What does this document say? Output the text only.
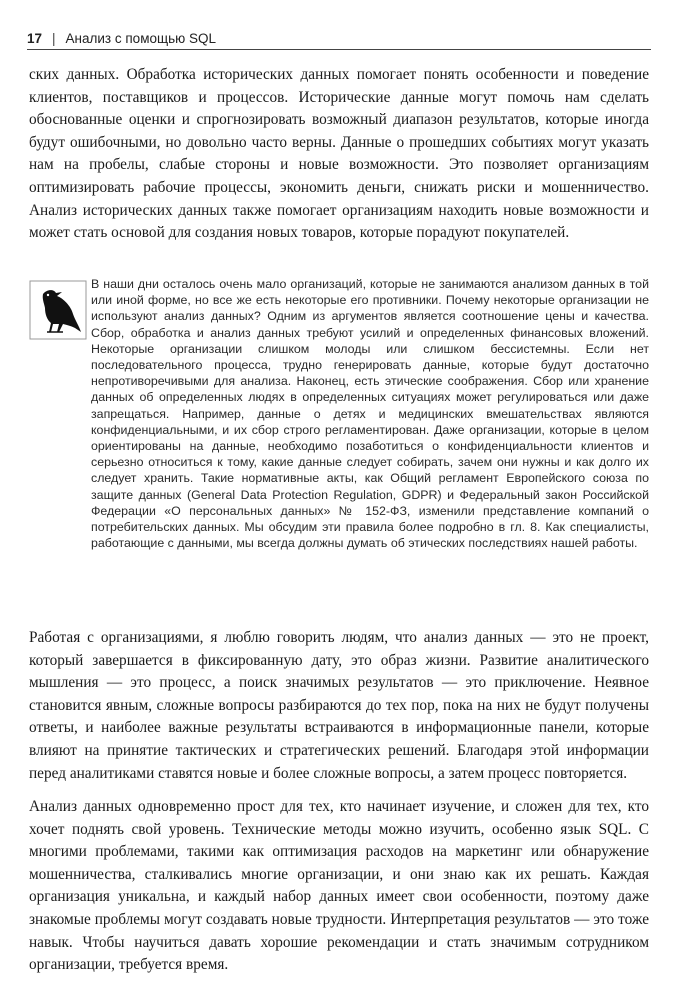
17 | Анализ с помощью SQL

ских данных. Обработка исторических данных помогает понять особенности и поведение клиентов, поставщиков и процессов. Исторические данные могут помочь нам сделать обоснованные оценки и спрогнозировать возможный диапазон результатов, которые иногда будут ошибочными, но довольно часто верны. Данные о прошедших событиях могут указать нам на пробелы, слабые стороны и новые возможности. Это позволяет организациям оптимизировать рабочие процессы, экономить деньги, снижать риски и мошенничество. Анализ исторических данных также помогает организациям находить новые возможности и может стать основой для создания новых товаров, которые порадуют покупателей.

В наши дни осталось очень мало организаций, которые не занимаются анализом данных в той или иной форме, но все же есть некоторые его противники. Почему некоторые организации не используют анализ данных? Одним из аргументов является соотношение цены и качества. Сбор, обработка и анализ данных требуют усилий и определенных финансовых вложений. Некоторые организации слишком молоды или слишком бессистемны. Если нет последовательного процесса, трудно генерировать данные, которые будут достаточно непротиворечивыми для анализа. Наконец, есть этические соображения. Сбор или хранение данных об определенных людях в определенных ситуациях может регулироваться или даже запрещаться. Например, данные о детях и медицинских вмешательствах являются конфиденциальными, и их сбор строго регламентирован. Даже организации, которые в целом ориентированы на данные, необходимо позаботиться о конфиденциальности клиентов и серьезно относиться к тому, какие данные следует собирать, зачем они нужны и как долго их следует хранить. Такие нормативные акты, как Общий регламент Европейского союза по защите данных (General Data Protection Regulation, GDPR) и Федеральный закон Российской Федерации «О персональных данных» № 152-ФЗ, изменили представление компаний о потребительских данных. Мы обсудим эти правила более подробно в гл. 8. Как специалисты, работающие с данными, мы всегда должны думать об этических последствиях нашей работы.

Работая с организациями, я люблю говорить людям, что анализ данных — это не проект, который завершается в фиксированную дату, это образ жизни. Развитие аналитического мышления — это процесс, а поиск значимых результатов — это приключение. Неявное становится явным, сложные вопросы разбираются до тех пор, пока на них не будут получены ответы, и наиболее важные результаты встраиваются в информационные панели, которые влияют на принятие тактических и стратегических решений. Благодаря этой информации перед аналитиками ставятся новые и более сложные вопросы, а затем процесс повторяется.

Анализ данных одновременно прост для тех, кто начинает изучение, и сложен для тех, кто хочет поднять свой уровень. Технические методы можно изучить, особенно язык SQL. С многими проблемами, такими как оптимизация расходов на маркетинг или обнаружение мошенничества, сталкивались многие организации, и они знаю как их решать. Каждая организация уникальна, и каждый набор данных имеет свои особенности, поэтому даже знакомые проблемы могут создавать новые трудности. Интерпретация результатов — это тоже навык. Чтобы научиться давать хорошие рекомендации и стать значимым сотрудником организации, требуется время.
